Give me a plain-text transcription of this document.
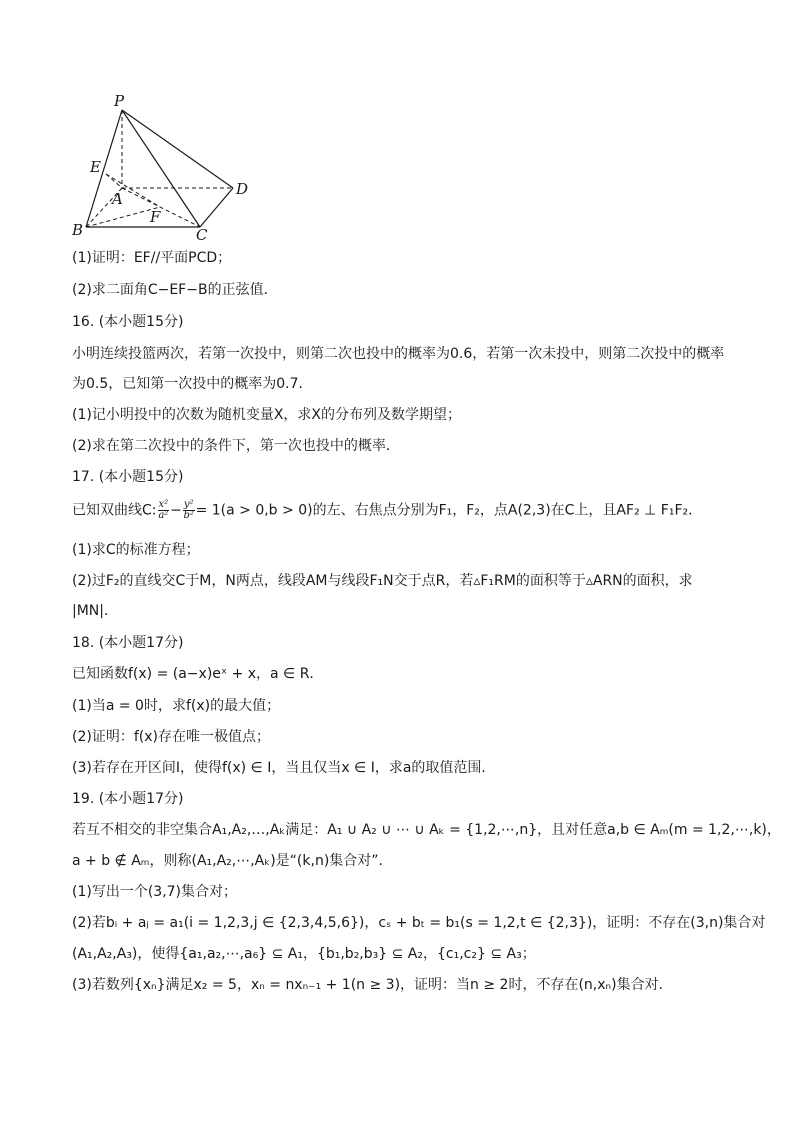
P
E
A
D
F
B	C
(1)证明：EF//平面PCD；
(2)求二面角C−EF−B的正弦值．
16. (本小题15分)
小明连续投篮两次，若第一次投中，则第二次也投中的概率为0.6，若第一次未投中，则第二次投中的概率
为0.5，已知第一次投中的概率为0.7．
(1)记小明投中的次数为随机变量X，求X的分布列及数学期望；
(2)求在第二次投中的条件下，第一次也投中的概率．
17. (本小题15分)
已知双曲线C: $\frac{\text{x²}}{\text{a²}} - \frac{\text{y²}}{\text{b²}} = 1(a > 0,b > 0)$的左、右焦点分别为F₁，F₂，点A(2,3)在C上，且AF₂ ⊥ F₁F₂．
(1)求C的标准方程；
(2)过F₂的直线交C于M，N两点，线段AM与线段F₁N交于点R，若▵F₁RM的面积等于▵ARN的面积，求
|MN|．
18. (本小题17分)
已知函数f(x) = (a−x)eˣ + x，a ∈ R．
(1)当a = 0时，求f(x)的最大值；
(2)证明：f(x)存在唯一极值点；
(3)若存在开区间I，使得f(x) ∈ I，当且仅当x ∈ I，求a的取值范围．
19. (本小题17分)
若互不相交的非空集合A₁,A₂,…,Aₖ满足：A₁ ∪ A₂ ∪ ⋯ ∪ Aₖ = {1,2,⋯,n}，且对任意a,b ∈ Aₘ(m = 1,2,⋯,k)，
a + b ∉ Aₘ，则称(A₁,A₂,⋯,Aₖ)是“(k,n)集合对”．
(1)写出一个(3,7)集合对；
(2)若bᵢ + aⱼ = a₁(i = 1,2,3,j ∈ {2,3,4,5,6})，cₛ + bₜ = b₁(s = 1,2,t ∈ {2,3})，证明：不存在(3,n)集合对
(A₁,A₂,A₃)，使得{a₁,a₂,⋯,a₆} ⊆ A₁，{b₁,b₂,b₃} ⊆ A₂，{c₁,c₂} ⊆ A₃；
(3)若数列{xₙ}满足x₂ = 5，xₙ = nxₙ₋₁ + 1(n ≥ 3)，证明：当n ≥ 2时，不存在(n,xₙ)集合对．
